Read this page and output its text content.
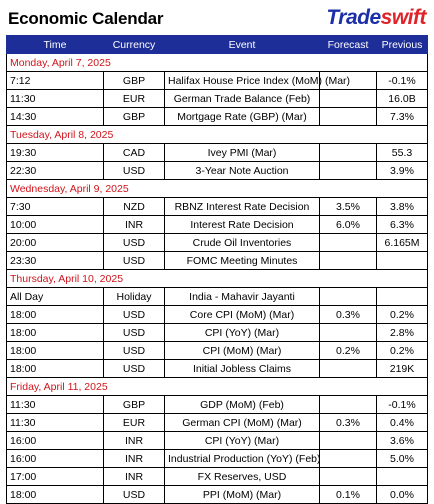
Economic Calendar	Tradeswift
Time	Currency	Event	Forecast	Previous
Monday, April 7, 2025				
7:12	GBP	Halifax House Price Index (MoM) (Mar)		-0.1%
11:30	EUR	German Trade Balance (Feb)		16.0B
14:30	GBP	Mortgage Rate (GBP) (Mar)		7.3%
Tuesday, April 8, 2025				
19:30	CAD	Ivey PMI (Mar)		55.3
22:30	USD	3-Year Note Auction		3.9%
Wednesday, April 9, 2025				
7:30	NZD	RBNZ Interest Rate Decision	3.5%	3.8%
10:00	INR	Interest Rate Decision	6.0%	6.3%
20:00	USD	Crude Oil Inventories		6.165M
23:30	USD	FOMC Meeting Minutes		
Thursday, April 10, 2025				
All Day	Holiday	India - Mahavir Jayanti		
18:00	USD	Core CPI (MoM) (Mar)	0.3%	0.2%
18:00	USD	CPI (YoY) (Mar)		2.8%
18:00	USD	CPI (MoM) (Mar)	0.2%	0.2%
18:00	USD	Initial Jobless Claims		219K
Friday, April 11, 2025				
11:30	GBP	GDP (MoM) (Feb)		-0.1%
11:30	EUR	German CPI (MoM) (Mar)	0.3%	0.4%
16:00	INR	CPI (YoY) (Mar)		3.6%
16:00	INR	Industrial Production (YoY) (Feb)		5.0%
17:00	INR	FX Reserves, USD		
18:00	USD	PPI (MoM) (Mar)	0.1%	0.0%
